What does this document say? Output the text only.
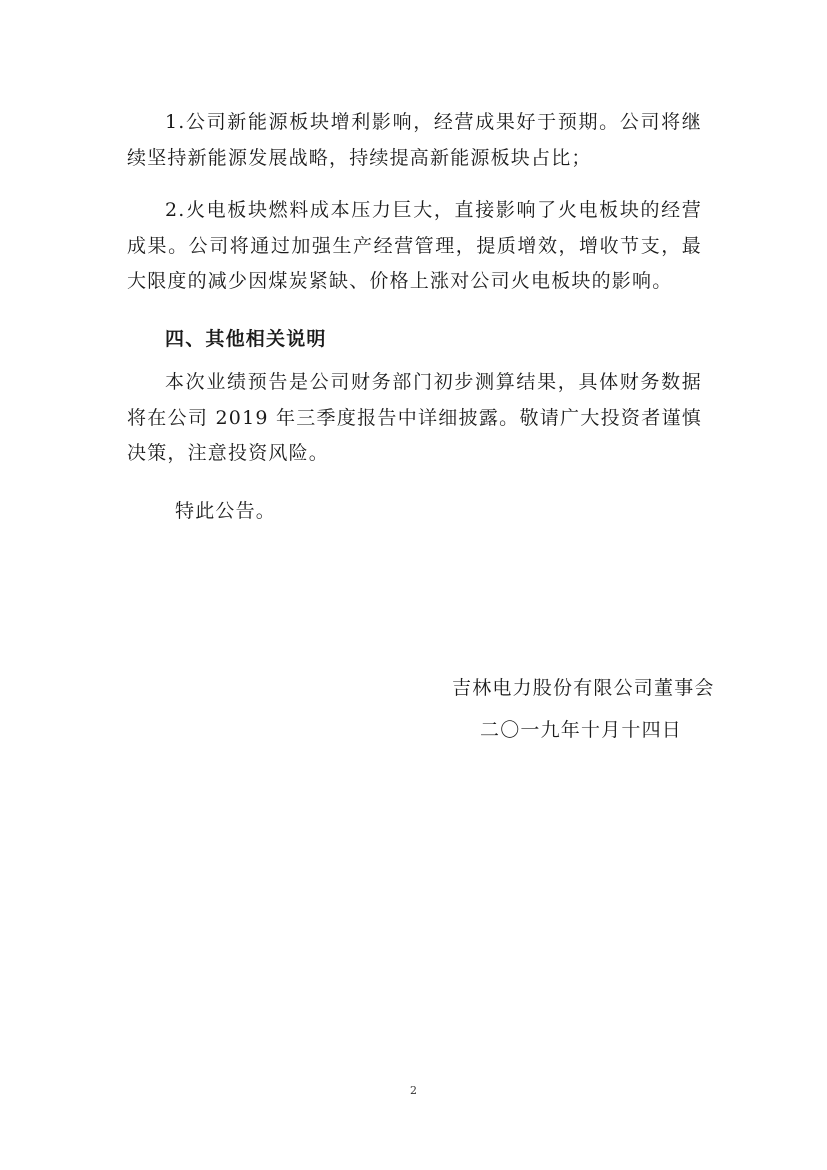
1.公司新能源板块增利影响，经营成果好于预期。公司将继续坚持新能源发展战略，持续提高新能源板块占比；

2.火电板块燃料成本压力巨大，直接影响了火电板块的经营成果。公司将通过加强生产经营管理，提质增效，增收节支，最大限度的减少因煤炭紧缺、价格上涨对公司火电板块的影响。

四、其他相关说明

本次业绩预告是公司财务部门初步测算结果，具体财务数据将在公司 2019 年三季度报告中详细披露。敬请广大投资者谨慎决策，注意投资风险。

特此公告。

吉林电力股份有限公司董事会

二〇一九年十月十四日

2
